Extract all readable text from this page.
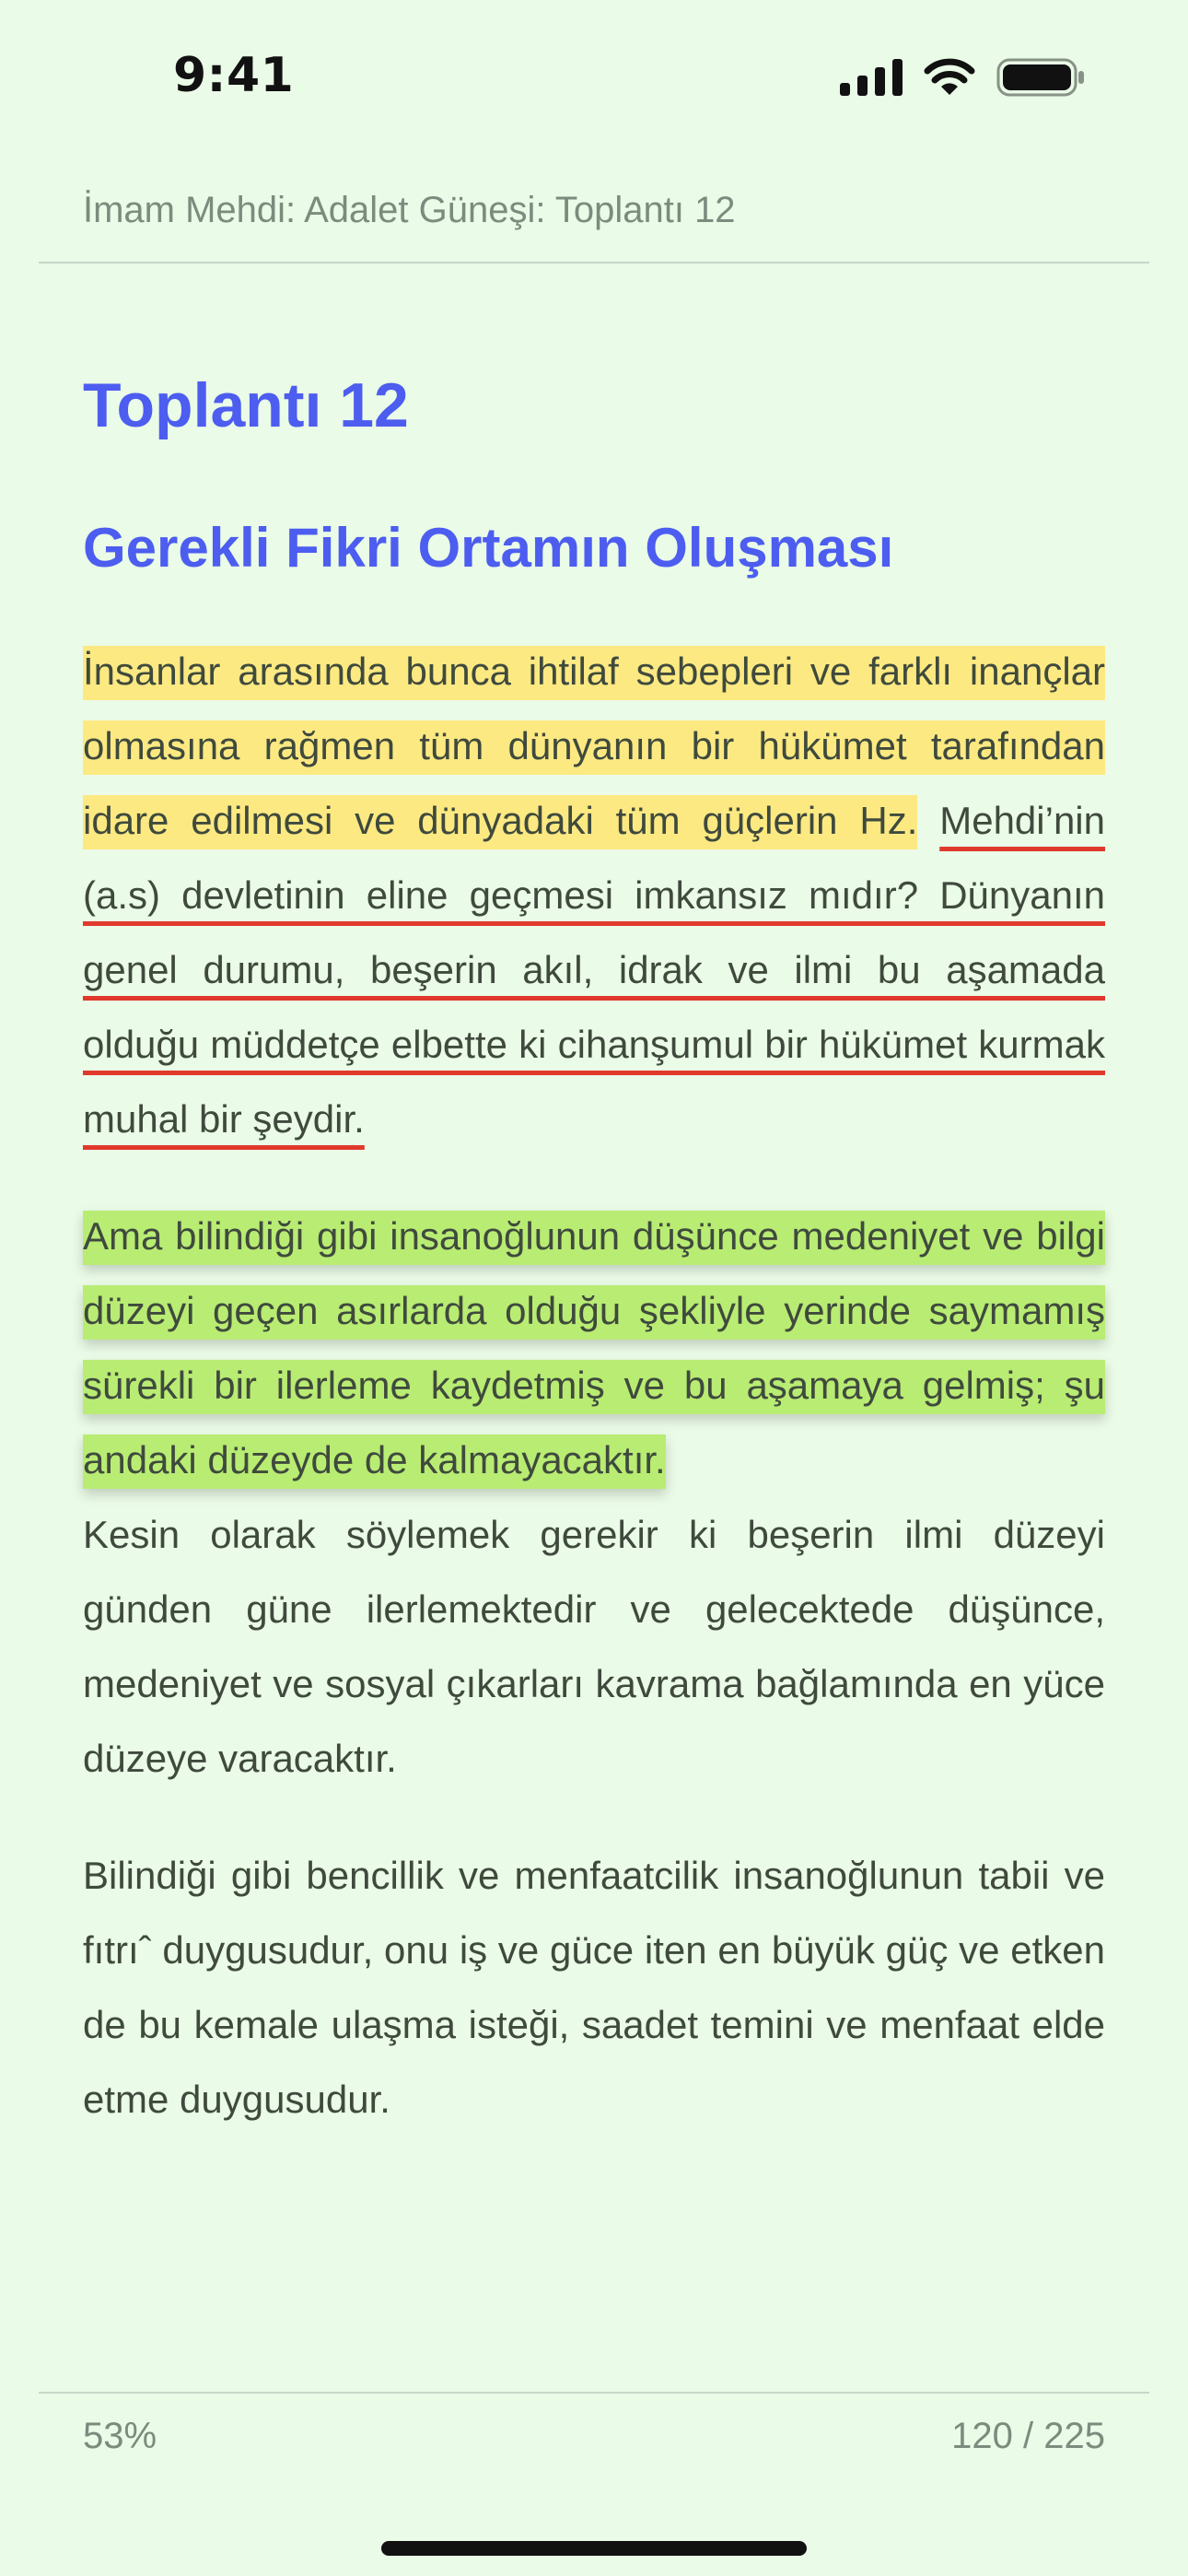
9:41
İmam Mehdi: Adalet Güneşi: Toplantı 12
Toplantı 12
Gerekli Fikri Ortamın Oluşması

İnsanlar arasında bunca ihtilaf sebepleri ve farklı inançlar olmasına rağmen tüm dünyanın bir hükümet tarafından idare edilmesi ve dünyadaki tüm güçlerin Hz. Mehdi’nin (a.s) devletinin eline geçmesi imkansız mıdır? Dünyanın genel durumu, beşerin akıl, idrak ve ilmi bu aşamada olduğu müddetçe elbette ki cihanşumul bir hükümet kurmak muhal bir şeydir.

Ama bilindiği gibi insanoğlunun düşünce medeniyet ve bilgi düzeyi geçen asırlarda olduğu şekliyle yerinde saymamış sürekli bir ilerleme kaydetmiş ve bu aşamaya gelmiş; şu andaki düzeyde de kalmayacaktır.

Kesin olarak söylemek gerekir ki beşerin ilmi düzeyi günden güne ilerlemektedir ve gelecektede düşünce, medeniyet ve sosyal çıkarları kavrama bağlamında en yüce düzeye varacaktır.

Bilindiği gibi bencillik ve menfaatcilik insanoğlunun tabii ve fıtrıˆ duygusudur, onu iş ve güce iten en büyük güç ve etken de bu kemale ulaşma isteği, saadet temini ve menfaat elde etme duygusudur.

53%	120 / 225
